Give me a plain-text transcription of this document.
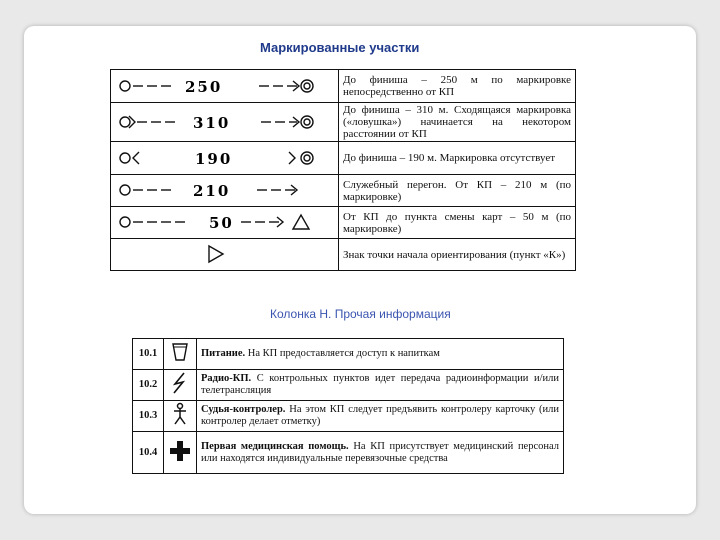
Маркированные участки
250	До финиша – 250 м по маркировке непосредственно от КП

310	До финиша – 310 м. Сходящаяся маркировка («ловушка») начинается на некотором расстоянии от КП

190	До финиша – 190 м. Маркировка отсутствует

210	Служебный перегон. От КП – 210 м (по маркировке)

50	От КП до пункта смены карт – 50 м (по маркировке)

	Знак точки начала ориентирования (пункт «К»)
Колонка Н. Прочая информация
10.1		Питание. На КП предоставляется доступ к напиткам
10.2		Радио-КП. С контрольных пунктов идет передача радиоинформации и/или телетрансляция
10.3		Судья-контролер. На этом КП следует предъявить контролеру карточку (или контролер делает отметку)
10.4		Первая медицинская помощь. На КП присутствует медицинский персонал или находятся индивидуальные перевязочные средства
